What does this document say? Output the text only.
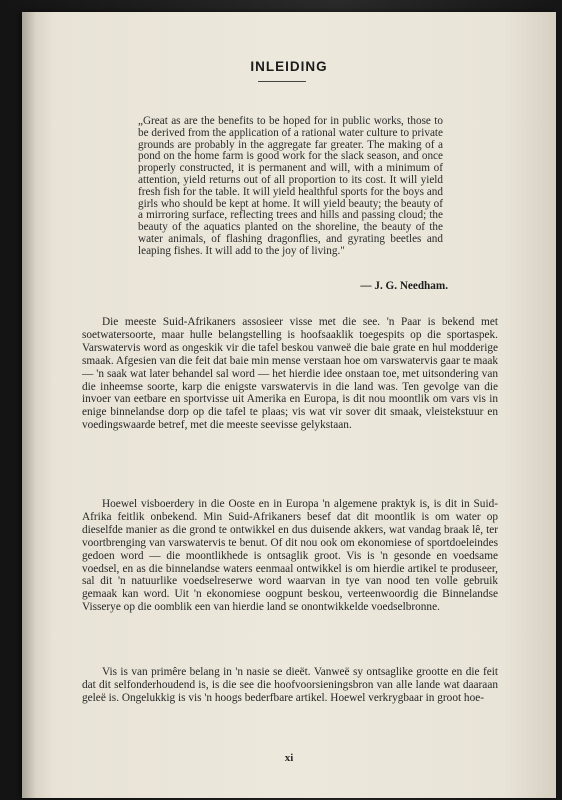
INLEIDING
„Great as are the benefits to be hoped for in public works, those to be derived from the application of a rational water culture to private grounds are probably in the aggregate far greater. The making of a pond on the home farm is good work for the slack season, and once properly constructed, it is permanent and will, with a minimum of attention, yield returns out of all proportion to its cost. It will yield fresh fish for the table. It will yield healthful sports for the boys and girls who should be kept at home. It will yield beauty; the beauty of a mirroring surface, reflecting trees and hills and passing cloud; the beauty of the aquatics planted on the shoreline, the beauty of the water animals, of flashing dragonflies, and gyrating beetles and leaping fishes. It will add to the joy of living."
— J. G. Needham.
Die meeste Suid-Afrikaners assosieer visse met die see. 'n Paar is bekend met soetwatersoorte, maar hulle belangstelling is hoofsaaklik toegespits op die sportaspek. Varswatervis word as ongeskik vir die tafel beskou vanweë die baie grate en hul modderige smaak. Afgesien van die feit dat baie min mense verstaan hoe om varswatervis gaar te maak — 'n saak wat later behandel sal word — het hierdie idee onstaan toe, met uitsondering van die inheemse soorte, karp die enigste varswatervis in die land was. Ten gevolge van die invoer van eetbare en sportvisse uit Amerika en Europa, is dit nou moontlik om vars vis in enige binnelandse dorp op die tafel te plaas; vis wat vir sover dit smaak, vleistekstuur en voedingswaarde betref, met die meeste seevisse gelykstaan.
Hoewel visboerdery in die Ooste en in Europa 'n algemene praktyk is, is dit in Suid-Afrika feitlik onbekend. Min Suid-Afrikaners besef dat dit moontlik is om water op dieselfde manier as die grond te ontwikkel en dus duisende akkers, wat vandag braak lê, ter voortbrenging van varswatervis te benut. Of dit nou ook om ekonomiese of sportdoeleindes gedoen word — die moontlikhede is ontsaglik groot. Vis is 'n gesonde en voedsame voedsel, en as die binnelandse waters eenmaal ontwikkel is om hierdie artikel te produseer, sal dit 'n natuurlike voedselreserwe word waarvan in tye van nood ten volle gebruik gemaak kan word. Uit 'n ekonomiese oogpunt beskou, verteenwoordig die Binnelandse Visserye op die oomblik een van hierdie land se onontwikkelde voedselbronne.
Vis is van primêre belang in 'n nasie se dieët. Vanweë sy ontsaglike grootte en die feit dat dit selfonderhoudend is, is die see die hoofvoorsieningsbron van alle lande wat daaraan geleë is. Ongelukkig is vis 'n hoogs bederfbare artikel. Hoewel verkrygbaar in groot hoe-
xi
